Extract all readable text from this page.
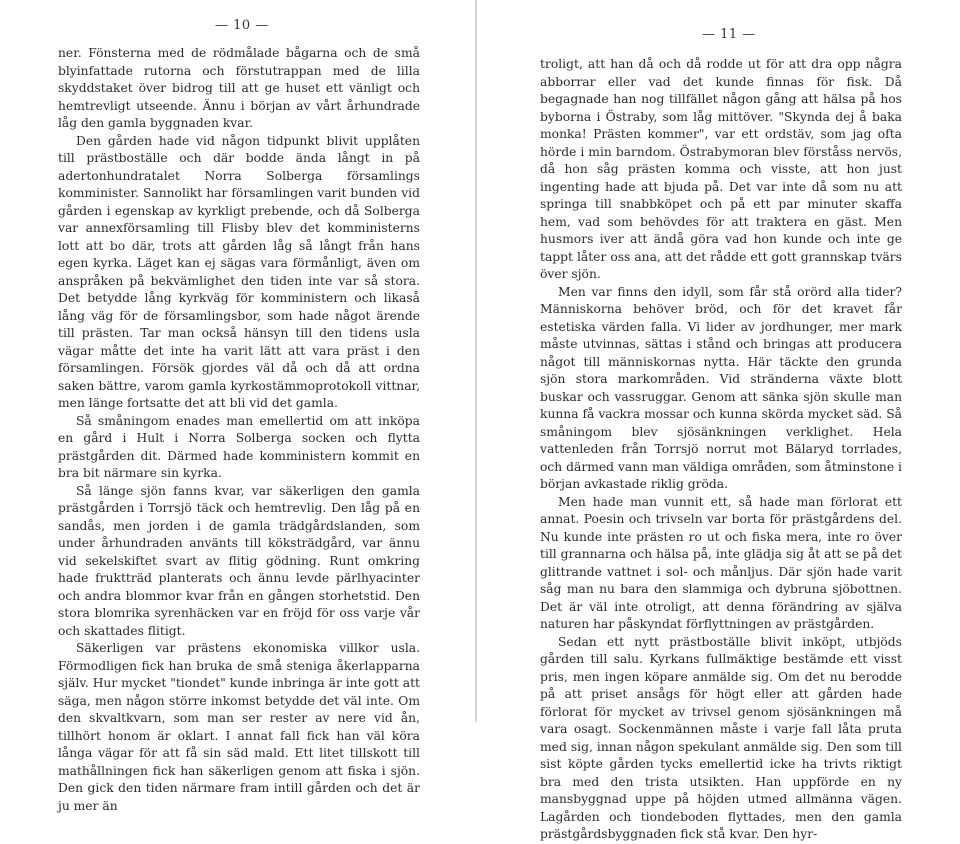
— 10 —

ner. Fönsterna med de rödmålade bågarna och de små blyinfattade rutorna och förstutrappan med de lilla skyddstaket över bidrog till att ge huset ett vänligt och hemtrevligt utseende. Ännu i början av vårt århundrade låg den gamla byggnaden kvar.

Den gården hade vid någon tidpunkt blivit upplåten till prästboställe och där bodde ända långt in på adertonhundratalet Norra Solberga församlings komminister. Sannolikt har församlingen varit bunden vid gården i egenskap av kyrkligt prebende, och då Solberga var annexförsamling till Flisby blev det komministerns lott att bo där, trots att gården låg så långt från hans egen kyrka. Läget kan ej sägas vara förmånligt, även om anspråken på bekvämlighet den tiden inte var så stora. Det betydde lång kyrkväg för komministern och likaså lång väg för de församlingsbor, som hade något ärende till prästen. Tar man också hänsyn till den tidens usla vägar måtte det inte ha varit lätt att vara präst i den församlingen. Försök gjordes väl då och då att ordna saken bättre, varom gamla kyrkostämmoprotokoll vittnar, men länge fortsatte det att bli vid det gamla.

Så småningom enades man emellertid om att inköpa en gård i Hult i Norra Solberga socken och flytta prästgården dit. Därmed hade komministern kommit en bra bit närmare sin kyrka.

Så länge sjön fanns kvar, var säkerligen den gamla prästgården i Torrsjö täck och hemtrevlig. Den låg på en sandås, men jorden i de gamla trädgårdslanden, som under århundraden använts till köksträdgård, var ännu vid sekelskiftet svart av flitig gödning. Runt omkring hade fruktträd planterats och ännu levde pärlhyacinter och andra blommor kvar från en gången storhetstid. Den stora blomrika syrenhäcken var en fröjd för oss varje vår och skattades flitigt.

Säkerligen var prästens ekonomiska villkor usla. Förmodligen fick han bruka de små steniga åkerlapparna själv. Hur mycket "tiondet" kunde inbringa är inte gott att säga, men någon större inkomst betydde det väl inte. Om den skvaltkvarn, som man ser rester av nere vid ån, tillhört honom är oklart. I annat fall fick han väl köra långa vägar för att få sin säd mald. Ett litet tillskott till mathållningen fick han säkerligen genom att fiska i sjön. Den gick den tiden närmare fram intill gården och det är ju mer än

— 11 —

troligt, att han då och då rodde ut för att dra opp några abborrar eller vad det kunde finnas för fisk. Då begagnade han nog tillfället någon gång att hälsa på hos byborna i Östraby, som låg mittöver. "Skynda dej å baka monka! Prästen kommer", var ett ordstäv, som jag ofta hörde i min barndom. Östrabymoran blev förståss nervös, då hon såg prästen komma och visste, att hon just ingenting hade att bjuda på. Det var inte då som nu att springa till snabbköpet och på ett par minuter skaffa hem, vad som behövdes för att traktera en gäst. Men husmors iver att ändå göra vad hon kunde och inte ge tappt låter oss ana, att det rådde ett gott grannskap tvärs över sjön.

Men var finns den idyll, som får stå orörd alla tider? Människorna behöver bröd, och för det kravet får estetiska värden falla. Vi lider av jordhunger, mer mark måste utvinnas, sättas i stånd och bringas att producera något till människornas nytta. Här täckte den grunda sjön stora markområden. Vid stränderna växte blott buskar och vassruggar. Genom att sänka sjön skulle man kunna få vackra mossar och kunna skörda mycket säd. Så småningom blev sjösänkningen verklighet. Hela vattenleden från Torrsjö norrut mot Bälaryd torrlades, och därmed vann man väldiga områden, som åtminstone i början avkastade riklig gröda.

Men hade man vunnit ett, så hade man förlorat ett annat. Poesin och trivseln var borta för prästgårdens del. Nu kunde inte prästen ro ut och fiska mera, inte ro över till grannarna och hälsa på, inte glädja sig åt att se på det glittrande vattnet i sol- och månljus. Där sjön hade varit såg man nu bara den slammiga och dybruna sjöbottnen. Det är väl inte otroligt, att denna förändring av själva naturen har påskyndat förflyttningen av prästgården.

Sedan ett nytt prästboställe blivit inköpt, utbjöds gården till salu. Kyrkans fullmäktige bestämde ett visst pris, men ingen köpare anmälde sig. Om det nu berodde på att priset ansågs för högt eller att gården hade förlorat för mycket av trivsel genom sjösänkningen må vara osagt. Sockenmännen måste i varje fall låta pruta med sig, innan någon spekulant anmälde sig. Den som till sist köpte gården tycks emellertid icke ha trivts riktigt bra med den trista utsikten. Han uppförde en ny mansbyggnad uppe på höjden utmed allmänna vägen. Lagården och tiondeboden flyttades, men den gamla prästgårdsbyggnaden fick stå kvar. Den hyr-
